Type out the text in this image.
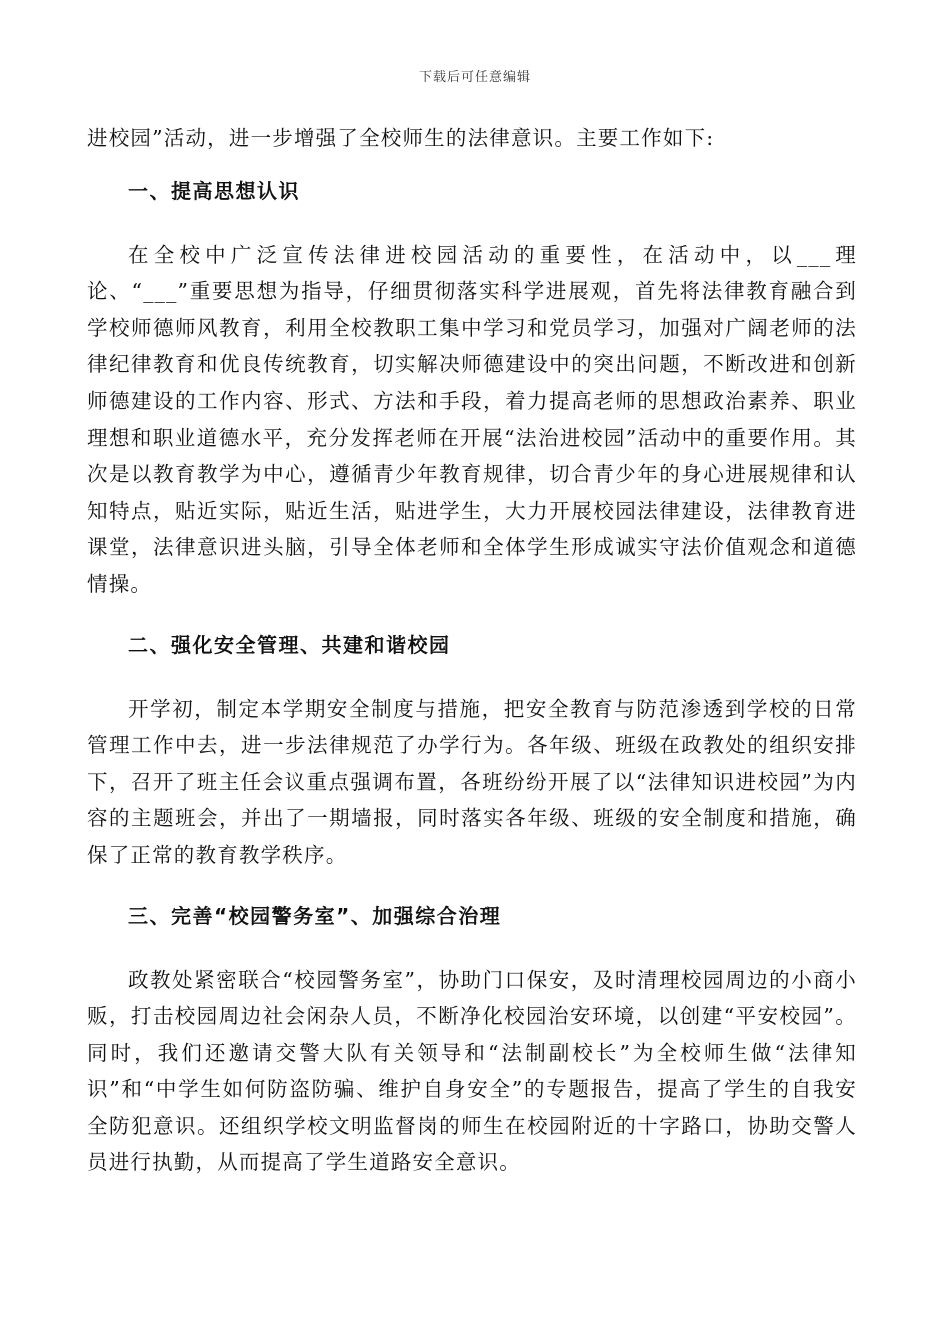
下载后可任意编辑

进校园”活动，进一步增强了全校师生的法律意识。主要工作如下:

一、提高思想认识

在全校中广泛宣传法律进校园活动的重要性，在活动中，以___理论、“___”重要思想为指导，仔细贯彻落实科学进展观，首先将法律教育融合到学校师德师风教育，利用全校教职工集中学习和党员学习，加强对广阔老师的法律纪律教育和优良传统教育，切实解决师德建设中的突出问题，不断改进和创新师德建设的工作内容、形式、方法和手段，着力提高老师的思想政治素养、职业理想和职业道德水平，充分发挥老师在开展“法治进校园”活动中的重要作用。其次是以教育教学为中心，遵循青少年教育规律，切合青少年的身心进展规律和认知特点，贴近实际，贴近生活，贴进学生，大力开展校园法律建设，法律教育进课堂，法律意识进头脑，引导全体老师和全体学生形成诚实守法价值观念和道德情操。

二、强化安全管理、共建和谐校园

开学初，制定本学期安全制度与措施，把安全教育与防范渗透到学校的日常管理工作中去，进一步法律规范了办学行为。各年级、班级在政教处的组织安排下，召开了班主任会议重点强调布置，各班纷纷开展了以“法律知识进校园”为内容的主题班会，并出了一期墙报，同时落实各年级、班级的安全制度和措施，确保了正常的教育教学秩序。

三、完善“校园警务室”、加强综合治理

政教处紧密联合“校园警务室”，协助门口保安，及时清理校园周边的小商小贩，打击校园周边社会闲杂人员，不断净化校园治安环境，以创建“平安校园”。同时，我们还邀请交警大队有关领导和“法制副校长”为全校师生做“法律知识”和“中学生如何防盗防骗、维护自身安全”的专题报告，提高了学生的自我安全防犯意识。还组织学校文明监督岗的师生在校园附近的十字路口，协助交警人员进行执勤，从而提高了学生道路安全意识。
